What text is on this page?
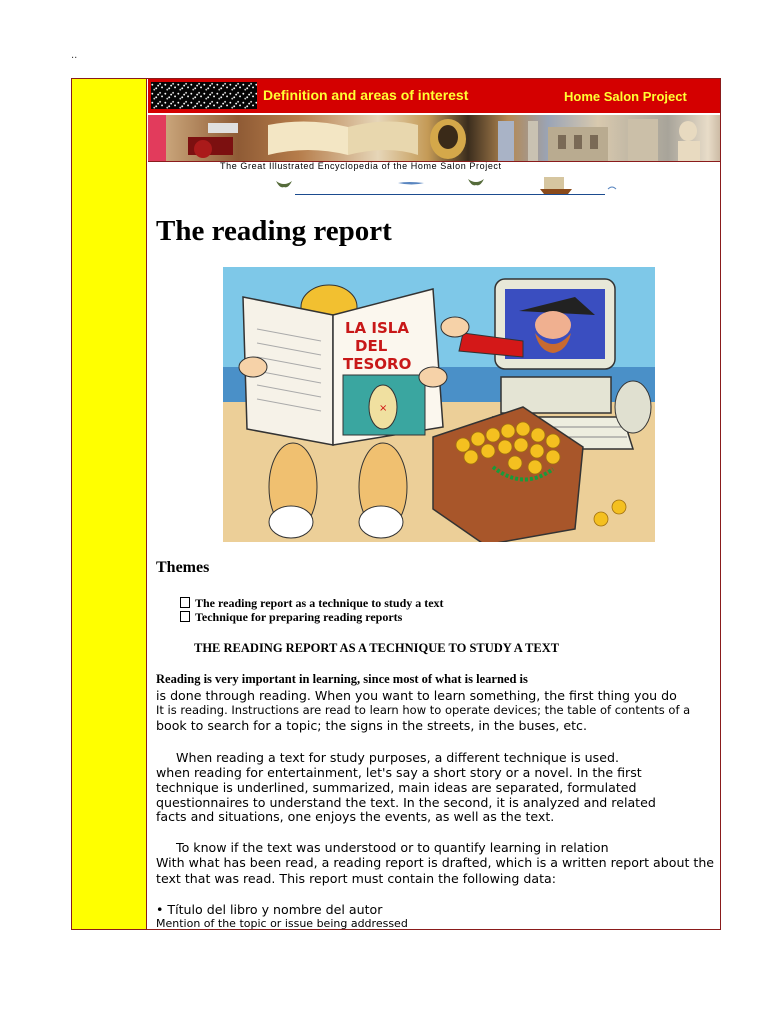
..
Definition and areas of interest	Home Salon Project
The Great Illustrated Encyclopedia of the Home Salon Project
The reading report
LA ISLA
DEL
TESORO
×
Themes
The reading report as a technique to study a text
Technique for preparing reading reports
THE READING REPORT AS A TECHNIQUE TO STUDY A TEXT
Reading is very important in learning, since most of what is learned is
is done through reading. When you want to learn something, the first thing you do
It is reading. Instructions are read to learn how to operate devices; the table of contents of a
book to search for a topic; the signs in the streets, in the buses, etc.
When reading a text for study purposes, a different technique is used.
when reading for entertainment, let's say a short story or a novel. In the first
technique is underlined, summarized, main ideas are separated, formulated
questionnaires to understand the text. In the second, it is analyzed and related
facts and situations, one enjoys the events, as well as the text.
To know if the text was understood or to quantify learning in relation
With what has been read, a reading report is drafted, which is a written report about the
text that was read. This report must contain the following data:
• Título del libro y nombre del autor
Mention of the topic or issue being addressed
